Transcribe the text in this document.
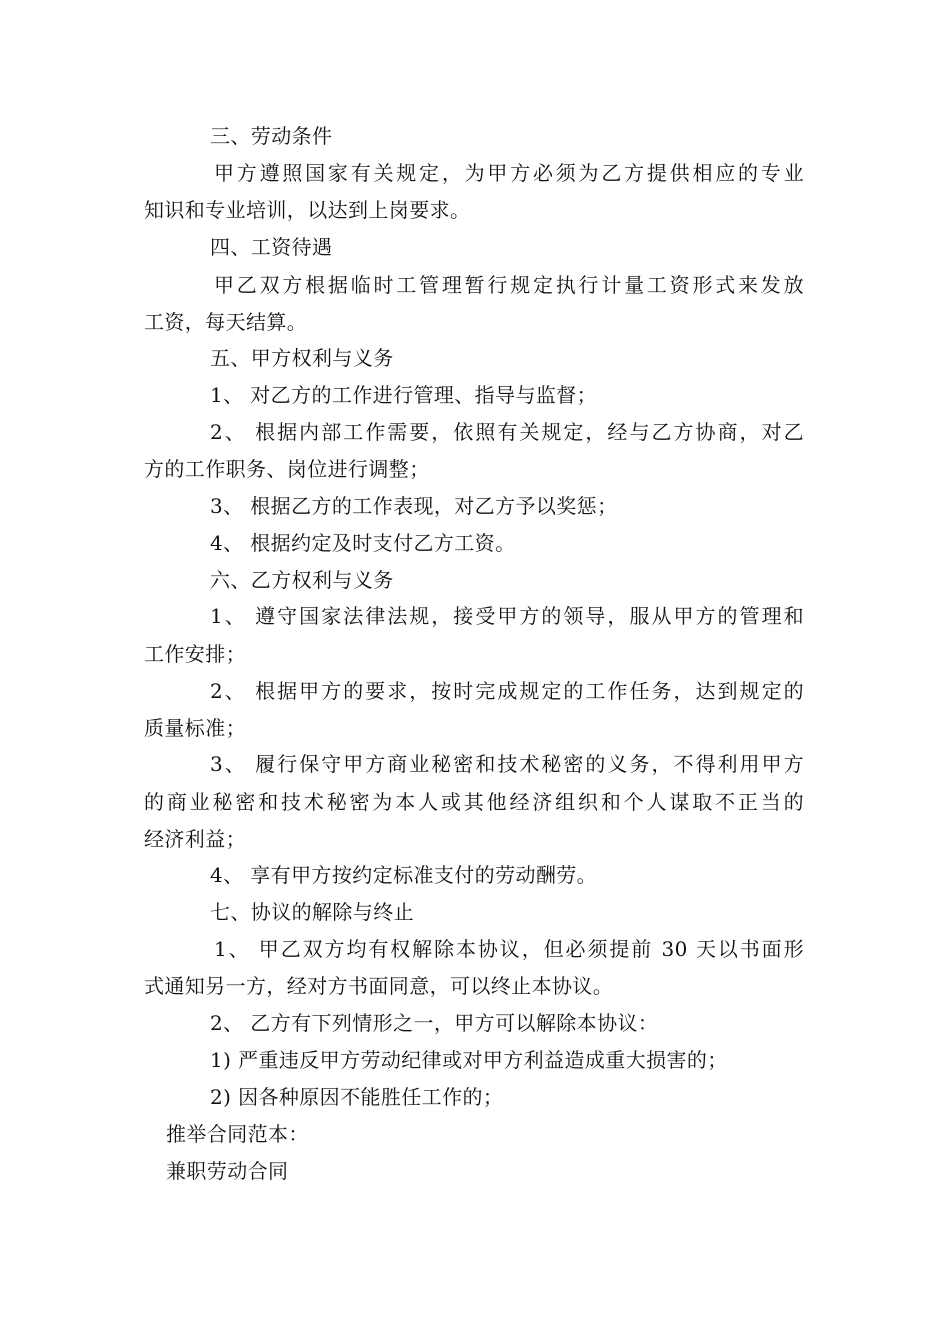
三、劳动条件
甲方遵照国家有关规定，为甲方必须为乙方提供相应的专业
知识和专业培训，以达到上岗要求。
四、工资待遇
甲乙双方根据临时工管理暂行规定执行计量工资形式来发放
工资，每天结算。
五、甲方权利与义务
1、 对乙方的工作进行管理、指导与监督；
2、 根据内部工作需要，依照有关规定，经与乙方协商，对乙
方的工作职务、岗位进行调整；
3、 根据乙方的工作表现，对乙方予以奖惩；
4、 根据约定及时支付乙方工资。
六、乙方权利与义务
1、 遵守国家法律法规，接受甲方的领导，服从甲方的管理和
工作安排；
2、 根据甲方的要求，按时完成规定的工作任务，达到规定的
质量标准；
3、 履行保守甲方商业秘密和技术秘密的义务，不得利用甲方
的商业秘密和技术秘密为本人或其他经济组织和个人谋取不正当的
经济利益；
4、 享有甲方按约定标准支付的劳动酬劳。
七、协议的解除与终止
1、 甲乙双方均有权解除本协议，但必须提前 30 天以书面形
式通知另一方，经对方书面同意，可以终止本协议。
2、 乙方有下列情形之一，甲方可以解除本协议：
1) 严重违反甲方劳动纪律或对甲方利益造成重大损害的；
2) 因各种原因不能胜任工作的；
推举合同范本：
兼职劳动合同
